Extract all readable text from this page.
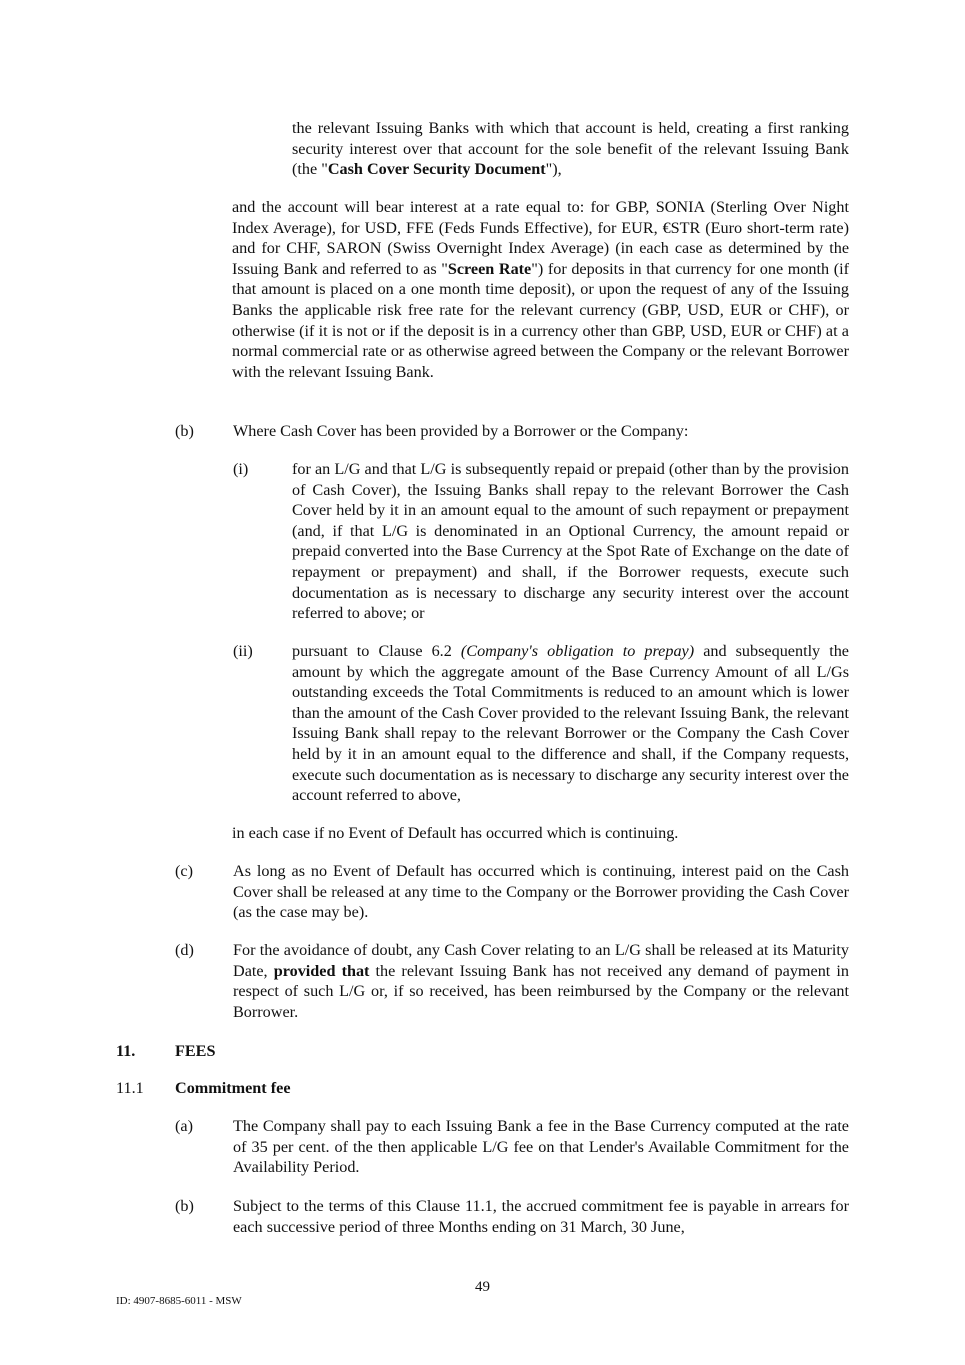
the relevant Issuing Banks with which that account is held, creating a first ranking security interest over that account for the sole benefit of the relevant Issuing Bank (the "Cash Cover Security Document"),

and the account will bear interest at a rate equal to: for GBP, SONIA (Sterling Over Night Index Average), for USD, FFE (Feds Funds Effective), for EUR, €STR (Euro short-term rate) and for CHF, SARON (Swiss Overnight Index Average) (in each case as determined by the Issuing Bank and referred to as "Screen Rate") for deposits in that currency for one month (if that amount is placed on a one month time deposit), or upon the request of any of the Issuing Banks the applicable risk free rate for the relevant currency (GBP, USD, EUR or CHF), or otherwise (if it is not or if the deposit is in a currency other than GBP, USD, EUR or CHF) at a normal commercial rate or as otherwise agreed between the Company or the relevant Borrower with the relevant Issuing Bank.

(b) Where Cash Cover has been provided by a Borrower or the Company:

(i)	for an L/G and that L/G is subsequently repaid or prepaid (other than by the provision of Cash Cover), the Issuing Banks shall repay to the relevant Borrower the Cash Cover held by it in an amount equal to the amount of such repayment or prepayment (and, if that L/G is denominated in an Optional Currency, the amount repaid or prepaid converted into the Base Currency at the Spot Rate of Exchange on the date of repayment or prepayment) and shall, if the Borrower requests, execute such documentation as is necessary to discharge any security interest over the account referred to above; or

(ii) pursuant to Clause 6.2 (Company's obligation to prepay) and subsequently the amount by which the aggregate amount of the Base Currency Amount of all L/Gs outstanding exceeds the Total Commitments is reduced to an amount which is lower than the amount of the Cash Cover provided to the relevant Issuing Bank, the relevant Issuing Bank shall repay to the relevant Borrower or the Company the Cash Cover held by it in an amount equal to the difference and shall, if the Company requests, execute such documentation as is necessary to discharge any security interest over the account referred to above,

in each case if no Event of Default has occurred which is continuing.

(c) As long as no Event of Default has occurred which is continuing, interest paid on the Cash Cover shall be released at any time to the Company or the Borrower providing the Cash Cover (as the case may be).

(d) For the avoidance of doubt, any Cash Cover relating to an L/G shall be released at its Maturity Date, provided that the relevant Issuing Bank has not received any demand of payment in respect of such L/G or, if so received, has been reimbursed by the Company or the relevant Borrower.

11. FEES

11.1 Commitment fee

(a) The Company shall pay to each Issuing Bank a fee in the Base Currency computed at the rate of 35 per cent. of the then applicable L/G fee on that Lender's Available Commitment for the Availability Period.

(b) Subject to the terms of this Clause 11.1, the accrued commitment fee is payable in arrears for each successive period of three Months ending on 31 March, 30 June,

49
ID: 4907-8685-6011 - MSW
